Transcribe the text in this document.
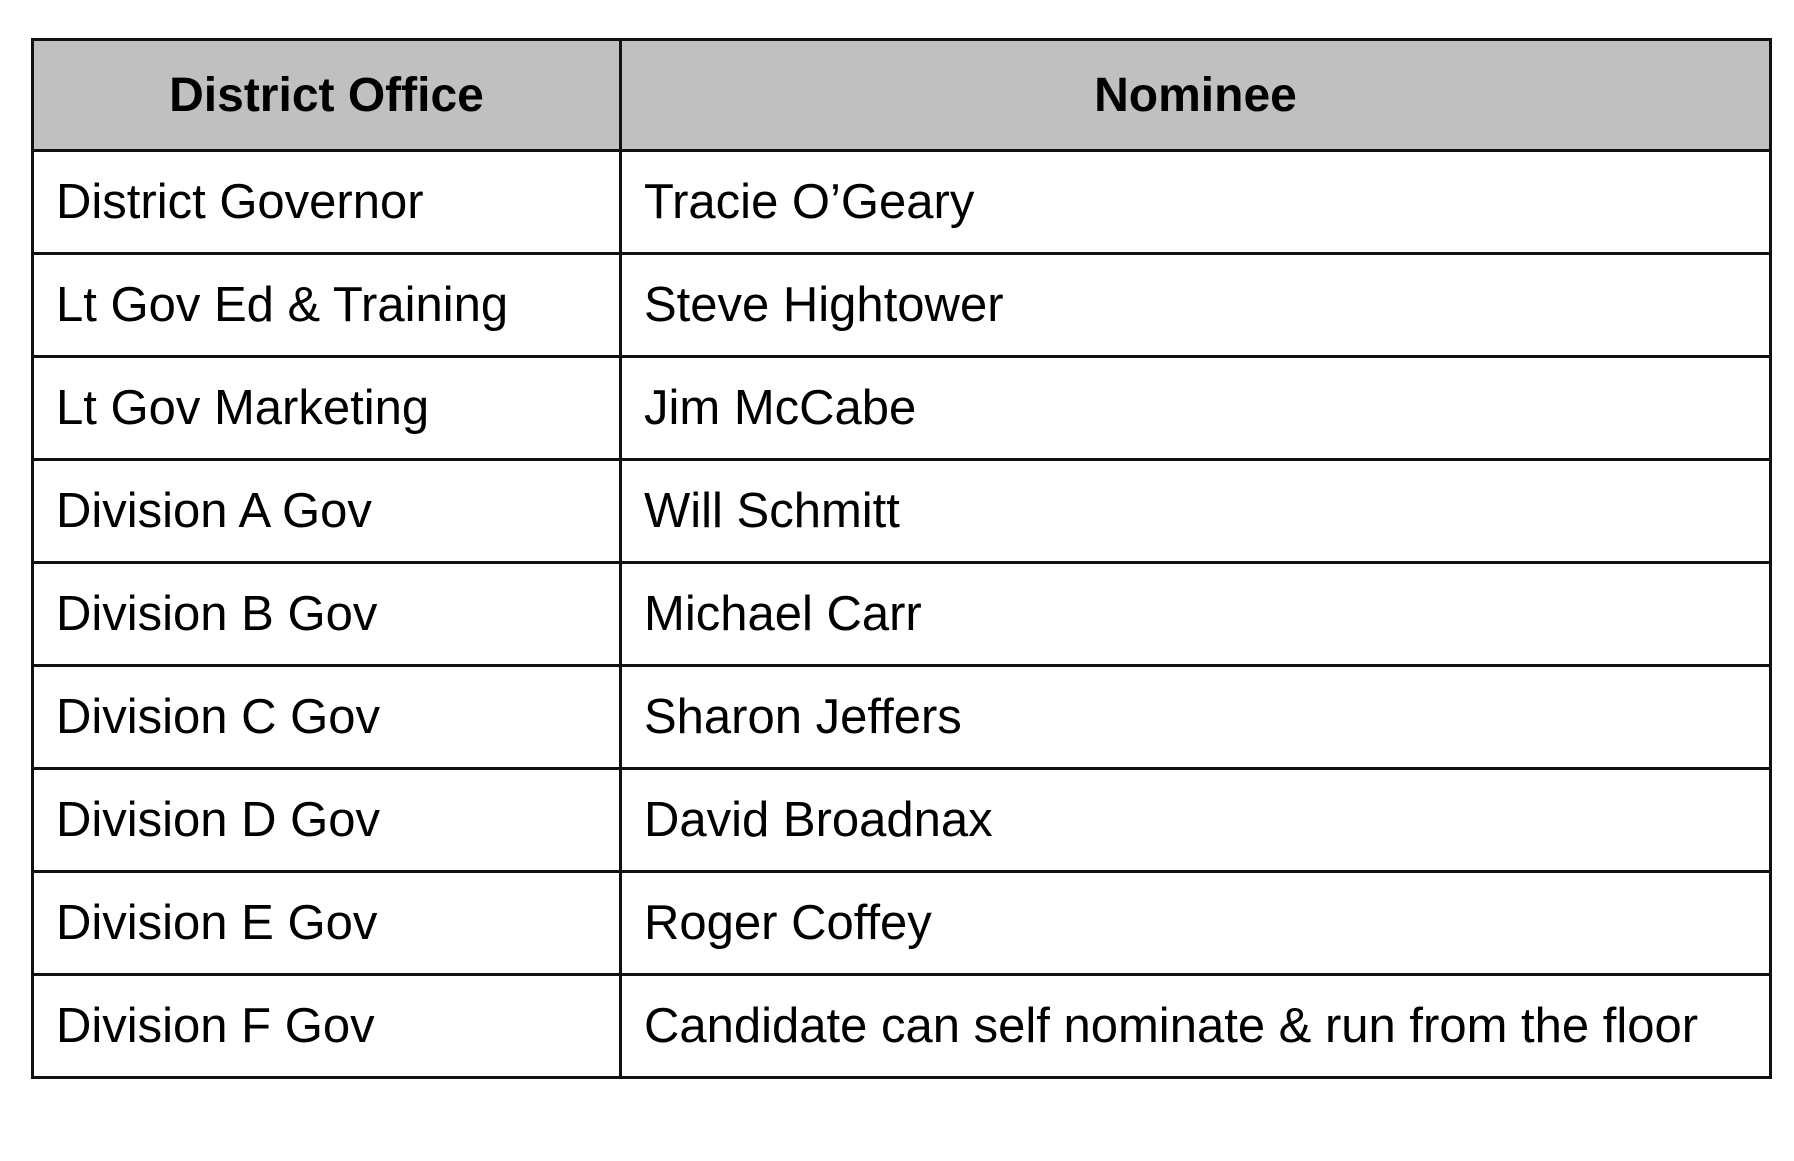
District Office	Nominee
District Governor	Tracie O’Geary
Lt Gov Ed & Training	Steve Hightower
Lt Gov Marketing	Jim McCabe
Division A Gov	Will Schmitt
Division B Gov	Michael Carr
Division C Gov	Sharon Jeffers
Division D Gov	David Broadnax
Division E Gov	Roger Coffey
Division F Gov	Candidate can self nominate & run from the floor
